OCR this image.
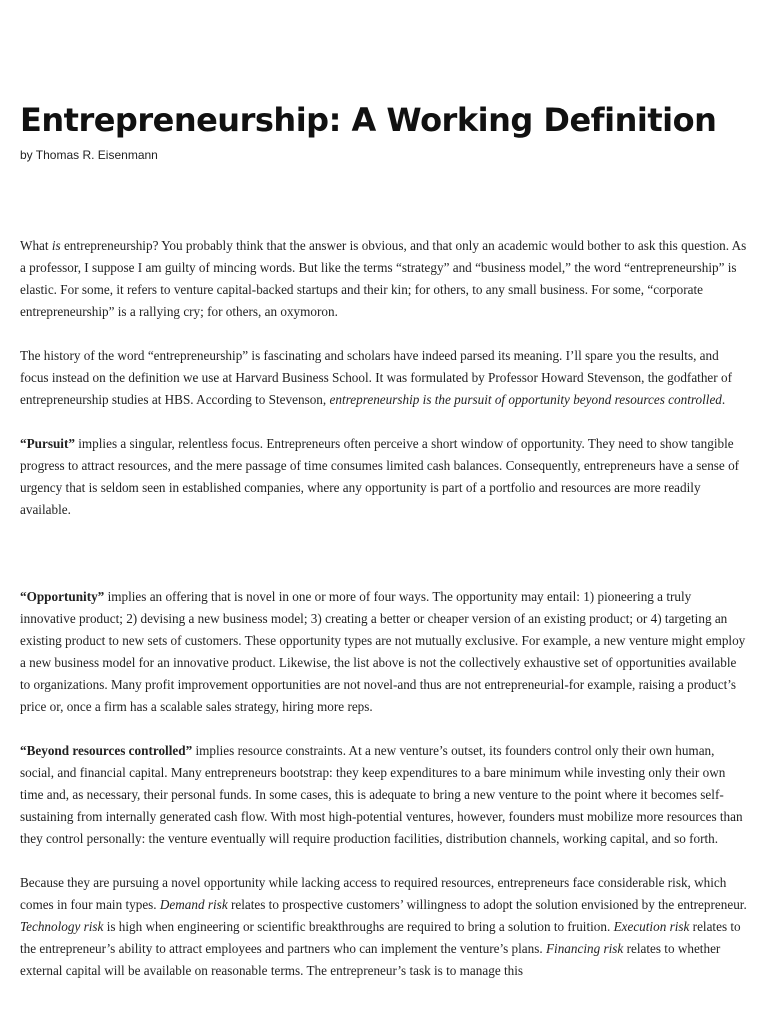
Entrepreneurship: A Working Definition
by Thomas R. Eisenmann

What is entrepreneurship? You probably think that the answer is obvious, and that only an academic would bother to ask this question. As a professor, I suppose I am guilty of mincing words. But like the terms “strategy” and “business model,” the word “entrepreneurship” is elastic. For some, it refers to venture capital-backed startups and their kin; for others, to any small business. For some, “corporate entrepreneurship” is a rallying cry; for others, an oxymoron.

The history of the word “entrepreneurship” is fascinating and scholars have indeed parsed its meaning. I’ll spare you the results, and focus instead on the definition we use at Harvard Business School. It was formulated by Professor Howard Stevenson, the godfather of entrepreneurship studies at HBS. According to Stevenson, entrepreneurship is the pursuit of opportunity beyond resources controlled.

“Pursuit” implies a singular, relentless focus. Entrepreneurs often perceive a short window of opportunity. They need to show tangible progress to attract resources, and the mere passage of time consumes limited cash balances. Consequently, entrepreneurs have a sense of urgency that is seldom seen in established companies, where any opportunity is part of a portfolio and resources are more readily available.

“Opportunity” implies an offering that is novel in one or more of four ways. The opportunity may entail: 1) pioneering a truly innovative product; 2) devising a new business model; 3) creating a better or cheaper version of an existing product; or 4) targeting an existing product to new sets of customers. These opportunity types are not mutually exclusive. For example, a new venture might employ a new business model for an innovative product. Likewise, the list above is not the collectively exhaustive set of opportunities available to organizations. Many profit improvement opportunities are not novel-and thus are not entrepreneurial-for example, raising a product’s price or, once a firm has a scalable sales strategy, hiring more reps.

“Beyond resources controlled” implies resource constraints. At a new venture’s outset, its founders control only their own human, social, and financial capital. Many entrepreneurs bootstrap: they keep expenditures to a bare minimum while investing only their own time and, as necessary, their personal funds. In some cases, this is adequate to bring a new venture to the point where it becomes self-sustaining from internally generated cash flow. With most high-potential ventures, however, founders must mobilize more resources than they control personally: the venture eventually will require production facilities, distribution channels, working capital, and so forth.

Because they are pursuing a novel opportunity while lacking access to required resources, entrepreneurs face considerable risk, which comes in four main types. Demand risk relates to prospective customers’ willingness to adopt the solution envisioned by the entrepreneur. Technology risk is high when engineering or scientific breakthroughs are required to bring a solution to fruition. Execution risk relates to the entrepreneur’s ability to attract employees and partners who can implement the venture’s plans. Financing risk relates to whether external capital will be available on reasonable terms. The entrepreneur’s task is to manage this
